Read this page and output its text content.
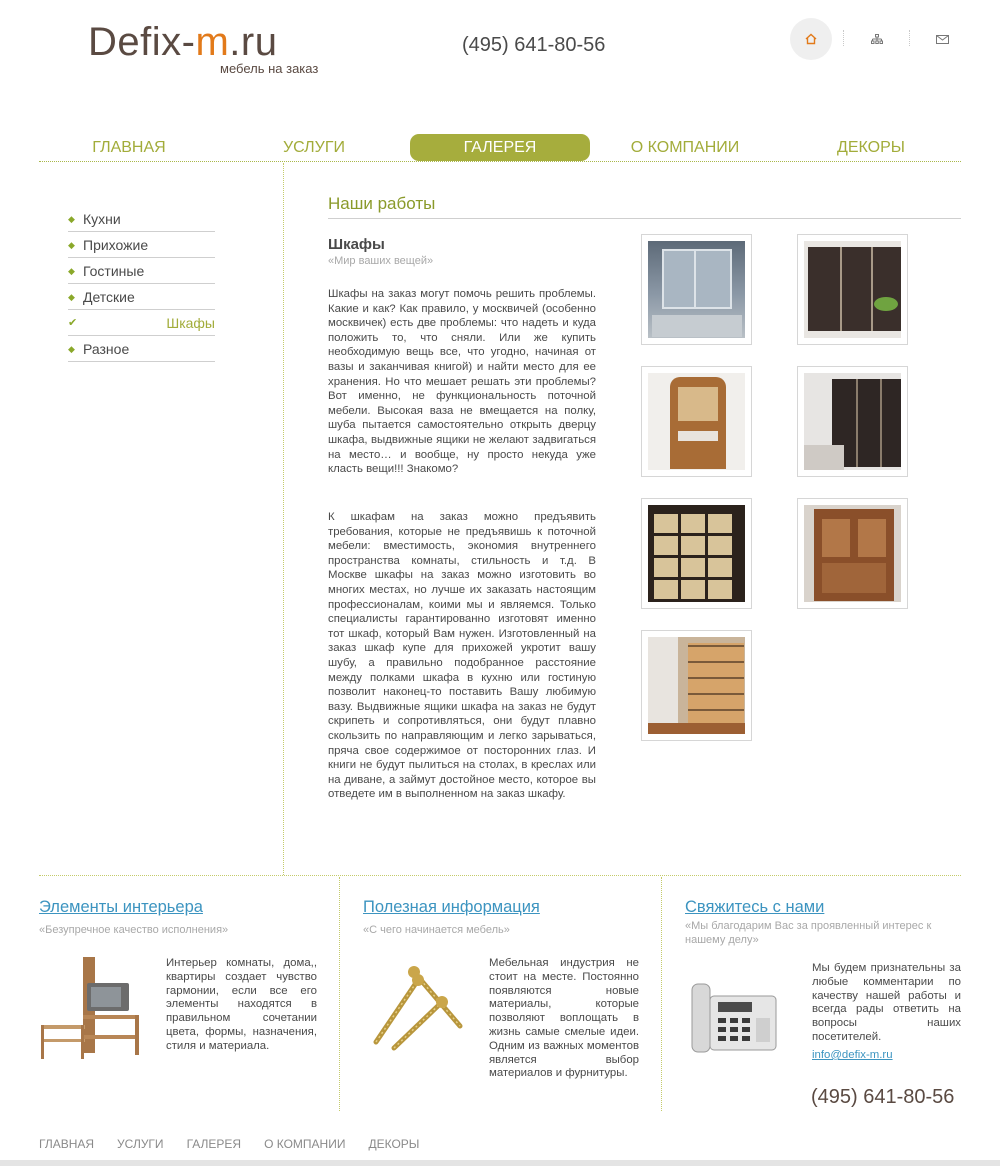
Defix-m.ru
мебель на заказ
(495) 641-80-56
ГЛАВНАЯ	УСЛУГИ	ГАЛЕРЕЯ	О КОМПАНИИ	ДЕКОРЫ
◆ Кухни
◆ Прихожие
◆ Гостиные
◆ Детские
✔	Шкафы
◆ Разное
Наши работы
Шкафы
«Мир ваших вещей»

Шкафы на заказ могут помочь решить проблемы. Какие и как? Как правило, у москвичей (особенно москвичек) есть две проблемы: что надеть и куда положить то, что сняли. Или же купить необходимую вещь все, что угодно, начиная от вазы и заканчивая книгой) и найти место для ее хранения. Но что мешает решать эти проблемы? Вот именно, не функциональность поточной мебели. Высокая ваза не вмещается на полку, шуба пытается самостоятельно открыть дверцу шкафа, выдвижные ящики не желают задвигаться на место… и вообще, ну просто некуда уже класть вещи!!! Знакомо?

К шкафам на заказ можно предъявить требования, которые не предъявишь к поточной мебели: вместимость, экономия внутреннего пространства комнаты, стильность и т.д. В Москве шкафы на заказ можно изготовить во многих местах, но лучше их заказать настоящим профессионалам, коими мы и являемся. Только специалисты гарантированно изготовят именно тот шкаф, который Вам нужен. Изготовленный на заказ шкаф купе для прихожей укротит вашу шубу, а правильно подобранное расстояние между полками шкафа в кухню или гостиную позволит наконец-то поставить Вашу любимую вазу. Выдвижные ящики шкафа на заказ не будут скрипеть и сопротивляться, они будут плавно скользить по направляющим и легко зарываться, пряча свое содержимое от посторонних глаз. И книги не будут пылиться на столах, в креслах или на диване, а займут достойное место, которое вы отведете им в выполненном на заказ шкафу.

Элементы интерьера
«Безупречное качество исполнения»
Интерьер комнаты, дома,, квартиры создает чувство гармонии, если все его элементы находятся в правильном сочетании цвета, формы, назначения, стиля и материала.
Полезная информация
«С чего начинается мебель»
Мебельная индустрия не стоит на месте. Постоянно появляются новые материалы, которые позволяют воплощать в жизнь самые смелые идеи. Одним из важных моментов является выбор материалов и фурнитуры.
Свяжитесь с нами
«Мы благодарим Вас за проявленный интерес к нашему делу»
Мы будем признательны за любые комментарии по качеству нашей работы и всегда рады ответить на вопросы наших посетителей.
info@defix-m.ru
(495) 641-80-56
ГЛАВНАЯ УСЛУГИ ГАЛЕРЕЯ О КОМПАНИИ ДЕКОРЫ
